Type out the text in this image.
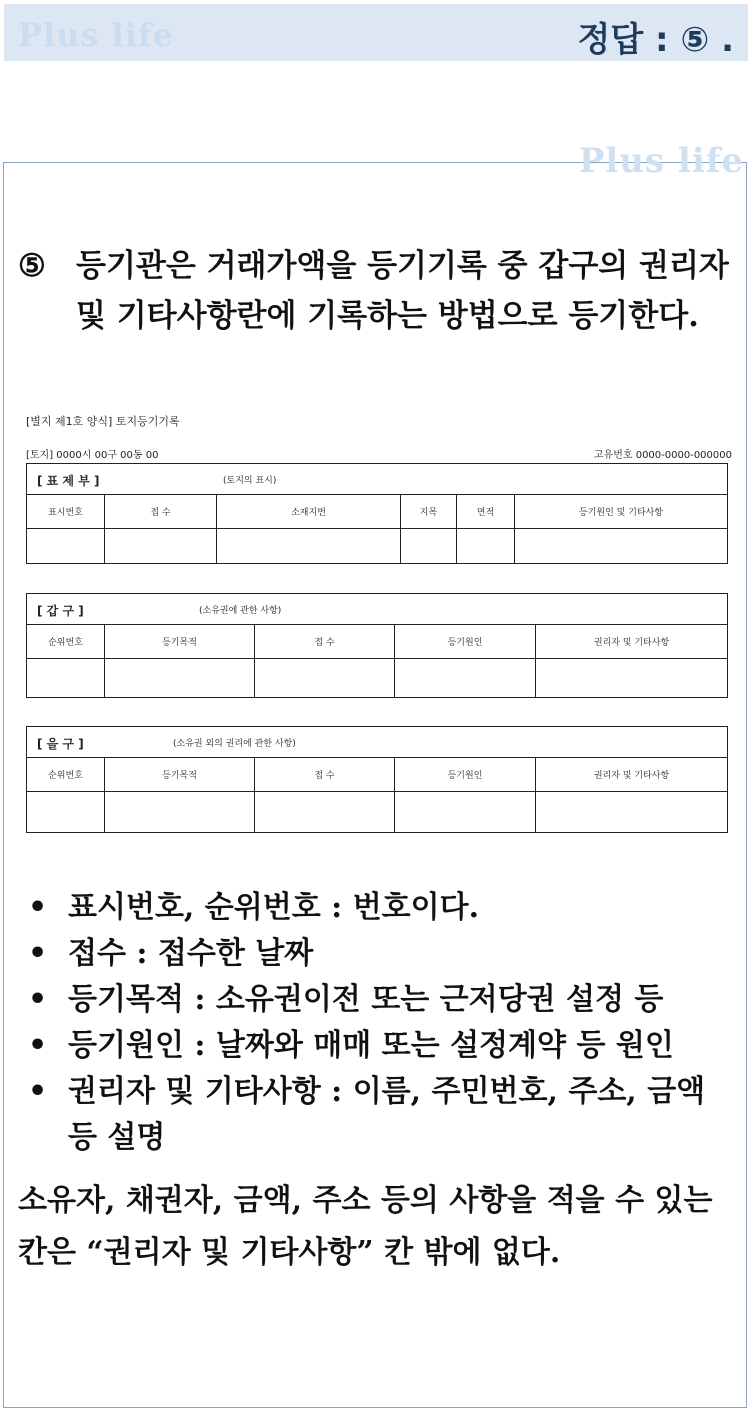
Plus life	정답 : ⑤ .
Plus life
⑤ 등기관은 거래가액을 등기기록 중 갑구의 권리자 및 기타사항란에 기록하는 방법으로 등기한다.
[별지 제1호 양식] 토지등기기록
[토지] 0000시 00구 00동 00	고유번호 0000-0000-000000
[ 표 제 부 ]	(토지의 표시)
표시번호	접 수	소재지번	지목	면적	등기원인 및 기타사항
[ 갑 구 ]	(소유권에 관한 사항)
순위번호	등기목적	접 수	등기원인	권리자 및 기타사항
[ 을 구 ]	(소유권 외의 권리에 관한 사항)
순위번호	등기목적	접 수	등기원인	권리자 및 기타사항
• 표시번호, 순위번호 : 번호이다.
• 접수 : 접수한 날짜
• 등기목적 : 소유권이전 또는 근저당권 설정 등
• 등기원인 : 날짜와 매매 또는 설정계약 등 원인
• 권리자 및 기타사항 : 이름, 주민번호, 주소, 금액 등 설명
소유자, 채권자, 금액, 주소 등의 사항을 적을 수 있는 칸은 “권리자 및 기타사항” 칸 밖에 없다.
